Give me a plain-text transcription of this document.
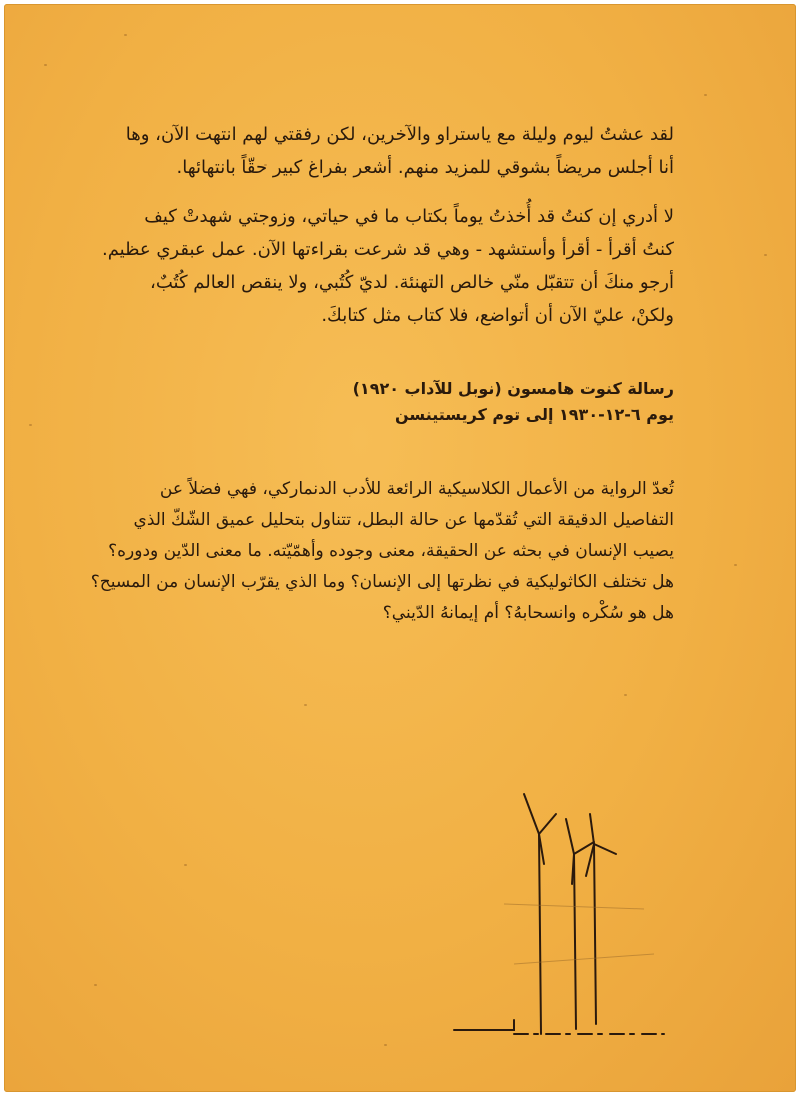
لقد عشتُ ليوم وليلة مع ياستراو والآخرين، لكن رفقتي لهم انتهت الآن، وها
أنا أجلس مريضاً بشوقي للمزيد منهم. أشعر بفراغ كبير حقّاً بانتهائها.
لا أدري إن كنتُ قد أُخذتُ يوماً بكتاب ما في حياتي، وزوجتي شهدتْ كيف
كنتُ أقرأ - أقرأ وأستشهد - وهي قد شرعت بقراءتها الآن. عمل عبقري عظيم.
أرجو منكَ أن تتقبّل منّي خالص التهنئة. لديّ كُتُبي، ولا ينقص العالم كُتُبٌ،
ولكنْ، عليّ الآن أن أتواضع، فلا كتاب مثل كتابكَ.
رسالة كنوت هامسون (نوبل للآداب ١٩٢٠)
يوم ٦-١٢-١٩٣٠ إلى توم كريستينسن
تُعدّ الرواية من الأعمال الكلاسيكية الرائعة للأدب الدنماركي، فهي فضلاً عن
التفاصيل الدقيقة التي تُقدّمها عن حالة البطل، تتناول بتحليل عميق الشّكّ الذي
يصيب الإنسان في بحثه عن الحقيقة، معنى وجوده وأهمّيّته. ما معنى الدّين ودوره؟
هل تختلف الكاثوليكية في نظرتها إلى الإنسان؟ وما الذي يقرّب الإنسان من المسيح؟
هل هو سُكْره وانسحابهُ؟ أم إيمانهُ الدّيني؟
